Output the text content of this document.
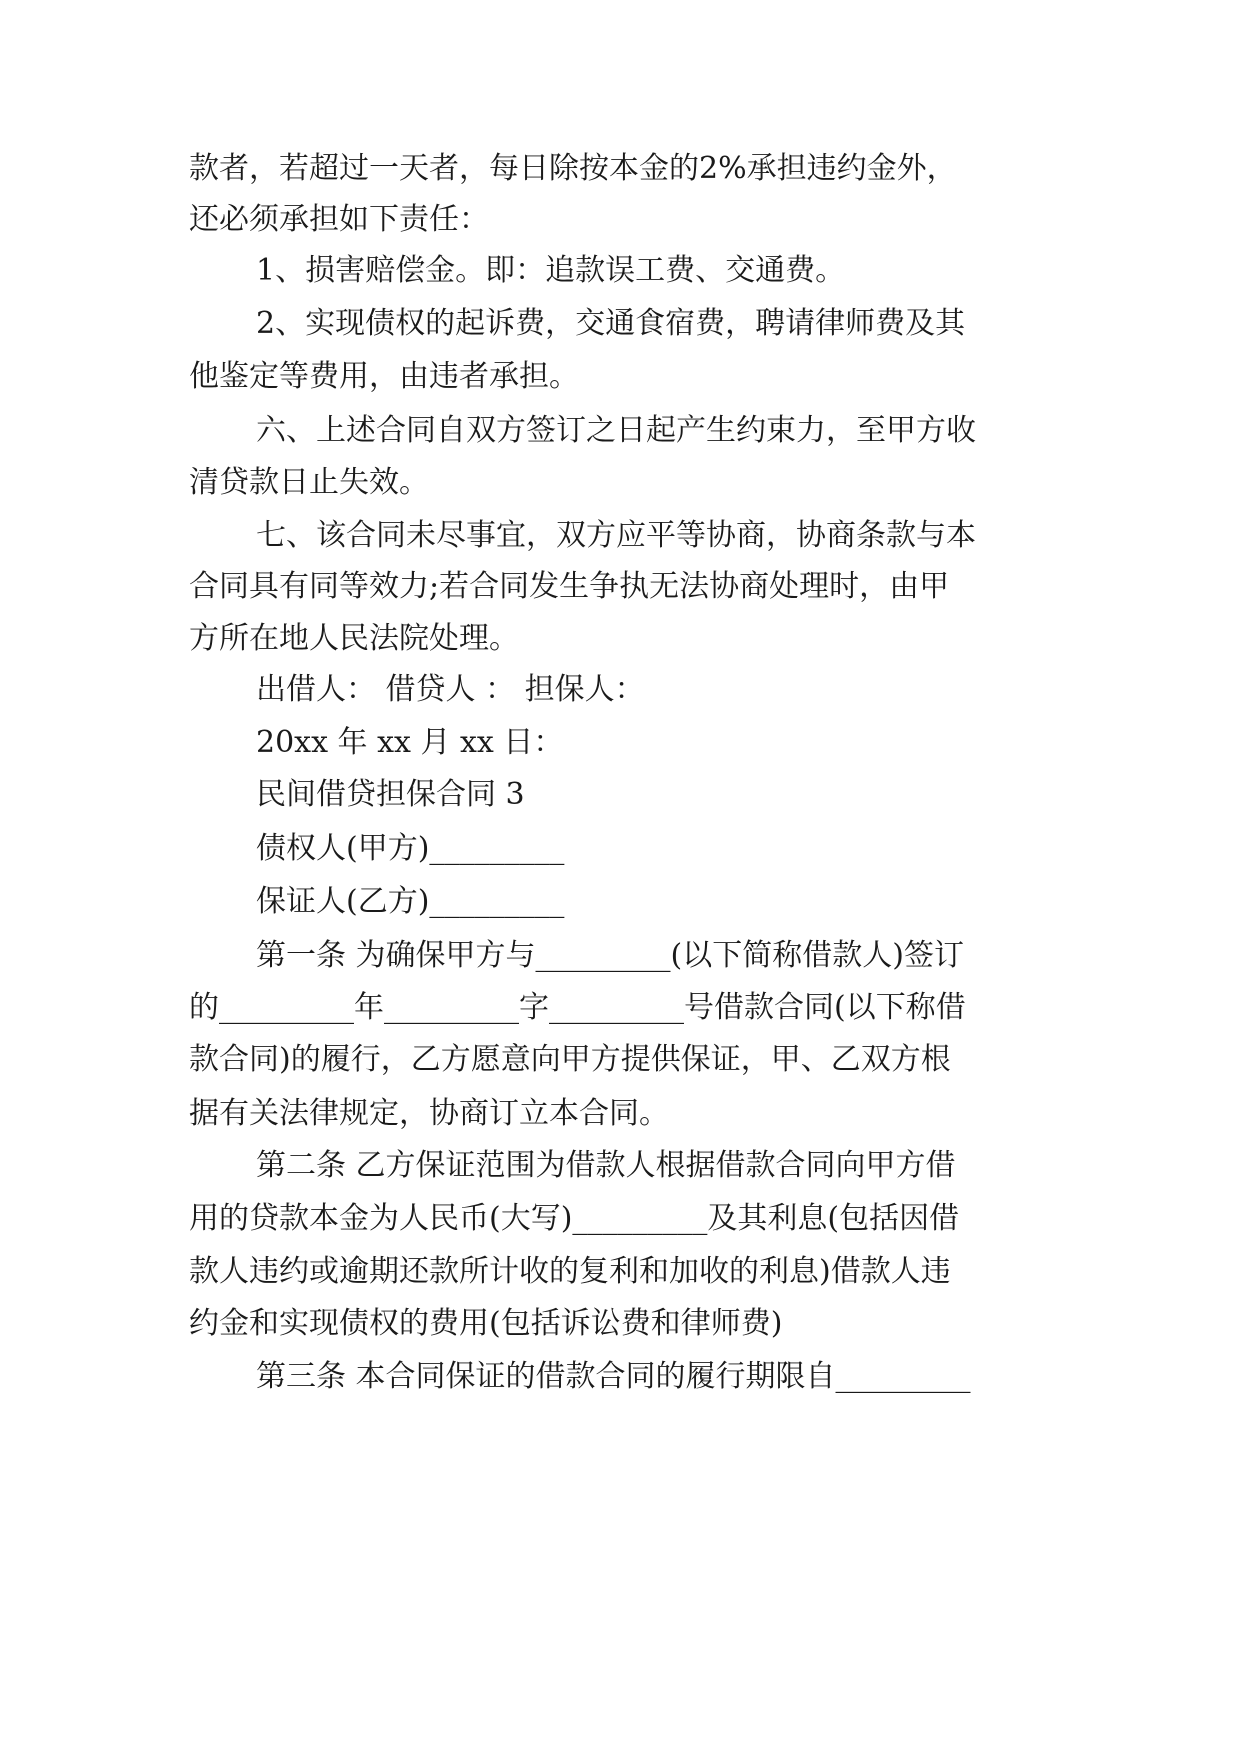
款者，若超过一天者，每日除按本金的2%承担违约金外，
还必须承担如下责任：
1、损害赔偿金。即：追款误工费、交通费。
2、实现债权的起诉费，交通食宿费，聘请律师费及其
他鉴定等费用，由违者承担。
六、上述合同自双方签订之日起产生约束力，至甲方收
清贷款日止失效。
七、该合同未尽事宜，双方应平等协商，协商条款与本
合同具有同等效力;若合同发生争执无法协商处理时，由甲
方所在地人民法院处理。
出借人： 借贷人 ： 担保人：
20xx 年 xx 月 xx 日：
民间借贷担保合同 3
债权人(甲方)_________
保证人(乙方)_________
第一条 为确保甲方与_________(以下简称借款人)签订
的_________年_________字_________号借款合同(以下称借
款合同)的履行，乙方愿意向甲方提供保证，甲、乙双方根
据有关法律规定，协商订立本合同。
第二条 乙方保证范围为借款人根据借款合同向甲方借
用的贷款本金为人民币(大写)_________及其利息(包括因借
款人违约或逾期还款所计收的复利和加收的利息)借款人违
约金和实现债权的费用(包括诉讼费和律师费)
第三条 本合同保证的借款合同的履行期限自_________
